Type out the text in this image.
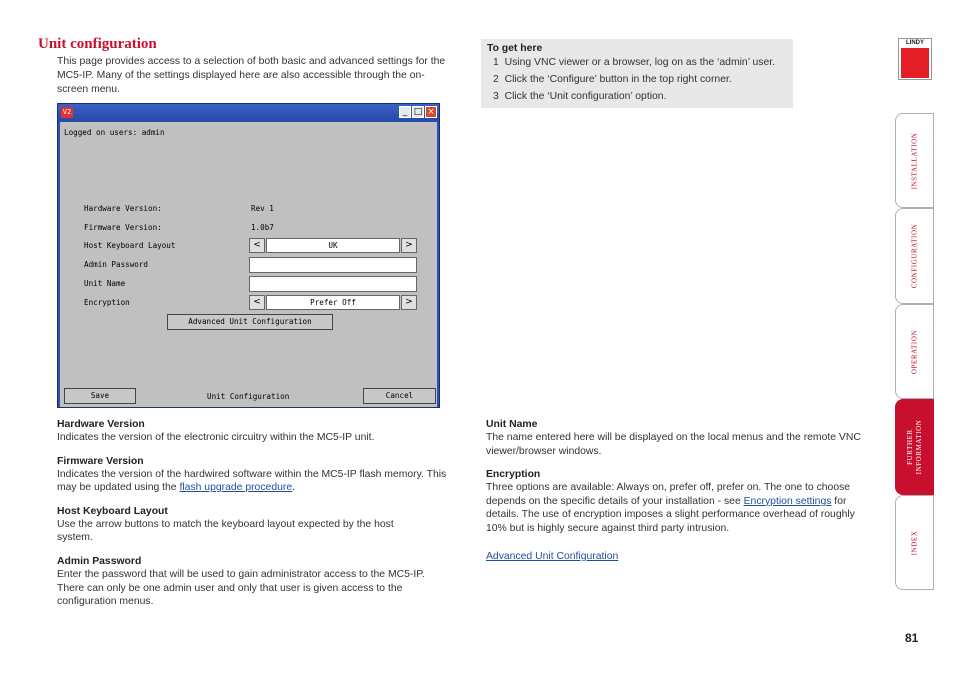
Unit configuration

This page provides access to a selection of both basic and advanced settings for the MC5-IP. Many of the settings displayed here are also accessible through the on-screen menu.

V2	_ □ ×
Logged on users: admin
Hardware Version:	Rev 1
Firmware Version:	1.0b7
Host Keyboard Layout	<	UK	>
Admin Password
Unit Name
Encryption	<	Prefer Off	>
Advanced Unit Configuration
Save	Unit Configuration	Cancel

Hardware Version

Indicates the version of the electronic circuitry within the MC5-IP unit.

Firmware Version

Indicates the version of the hardwired software within the MC5-IP flash memory. This may be updated using the flash upgrade procedure.

Host Keyboard Layout

Use the arrow buttons to match the keyboard layout expected by the host system.

Admin Password

Enter the password that will be used to gain administrator access to the MC5-IP. There can only be one admin user and only that user is given access to the configuration menus.

To get here

1 Using VNC viewer or a browser, log on as the ‘admin’ user.

2 Click the ‘Configure’ button in the top right corner.

3 Click the ‘Unit configuration’ option.

Unit Name

The name entered here will be displayed on the local menus and the remote VNC viewer/browser windows.

Encryption

Three options are available: Always on, prefer off, prefer on. The one to choose depends on the specific details of your installation - see Encryption settings for details. The use of encryption imposes a slight performance overhead of roughly 10% but is highly secure against third party intrusion.

Advanced Unit Configuration

LINDY
INSTALLATION
CONFIGURATION
OPERATION
FURTHER
INFORMATION
INDEX
81
